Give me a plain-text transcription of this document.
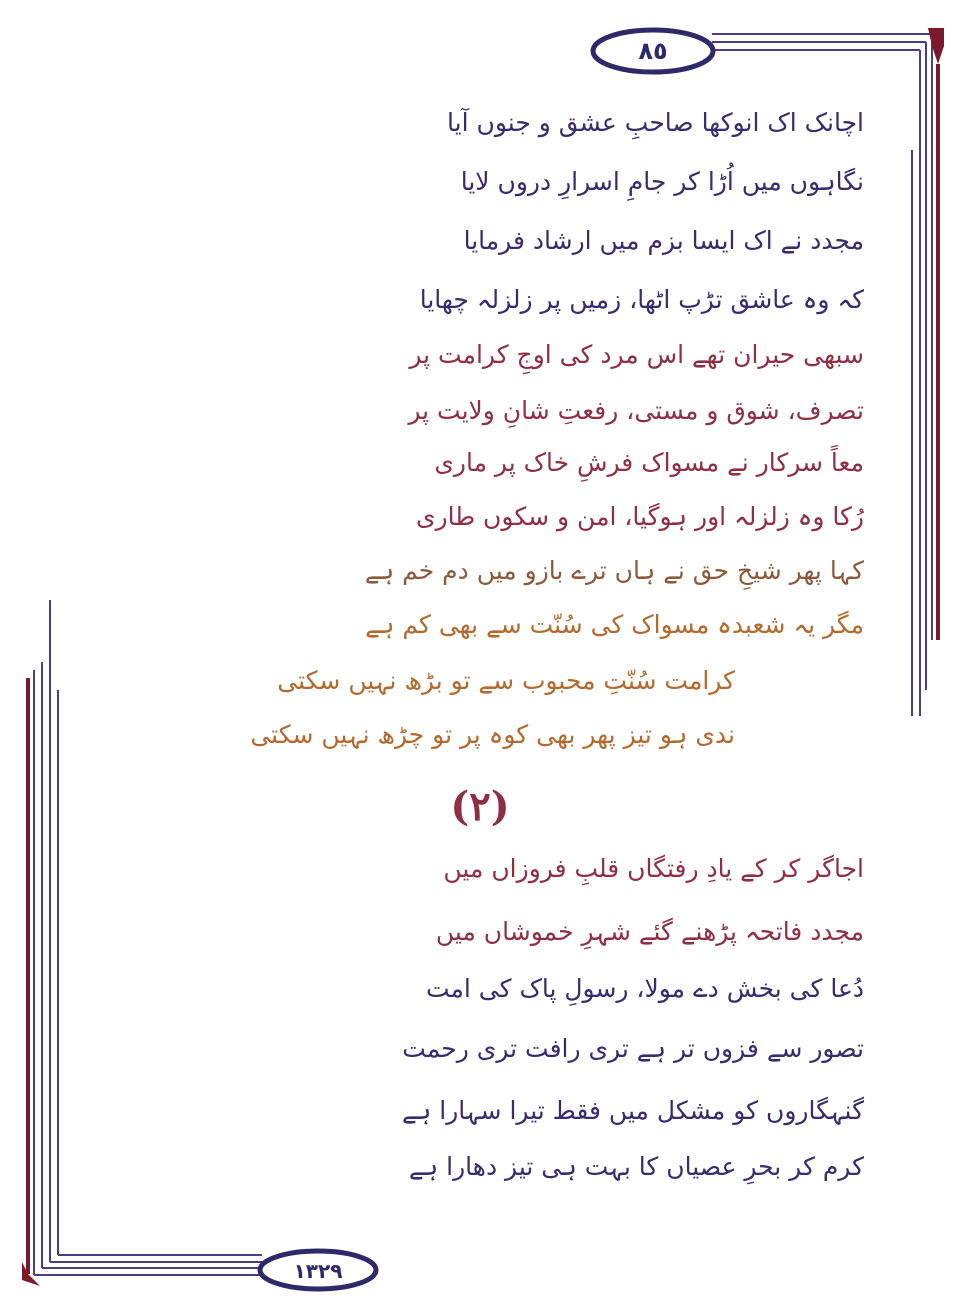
٨٥
١٣٢٩
اچانک اک انوکھا صاحبِ عشق و جنوں آیا
نگاہوں میں اُڑا کر جامِ اسرارِ دروں لایا
مجدد نے اک ایسا بزم میں ارشاد فرمایا
کہ وہ عاشق تڑپ اٹھا، زمیں پر زلزلہ چھایا
سبھی حیران تھے اس مرد کی اوجِ کرامت پر
تصرف، شوق و مستی، رفعتِ شانِ ولایت پر
معاً سرکار نے مسواک فرشِ خاک پر ماری
رُکا وہ زلزلہ اور ہوگیا، امن و سکوں طاری
کہا پھر شیخِ حق نے ہاں ترے بازو میں دم خم ہے
مگر یہ شعبدہ مسواک کی سُنّت سے بھی کم ہے
کرامت سُنّتِ محبوب سے تو بڑھ نہیں سکتی
ندی ہو تیز پھر بھی کوہ پر تو چڑھ نہیں سکتی
(٢)
اجاگر کر کے یادِ رفتگاں قلبِ فروزاں میں
مجدد فاتحہ پڑھنے گئے شہرِ خموشاں میں
دُعا کی بخش دے مولا، رسولِ پاک کی امت
تصور سے فزوں تر ہے تری رافت تری رحمت
گنہگاروں کو مشکل میں فقط تیرا سہارا ہے
کرم کر بحرِ عصیاں کا بہت ہی تیز دھارا ہے
